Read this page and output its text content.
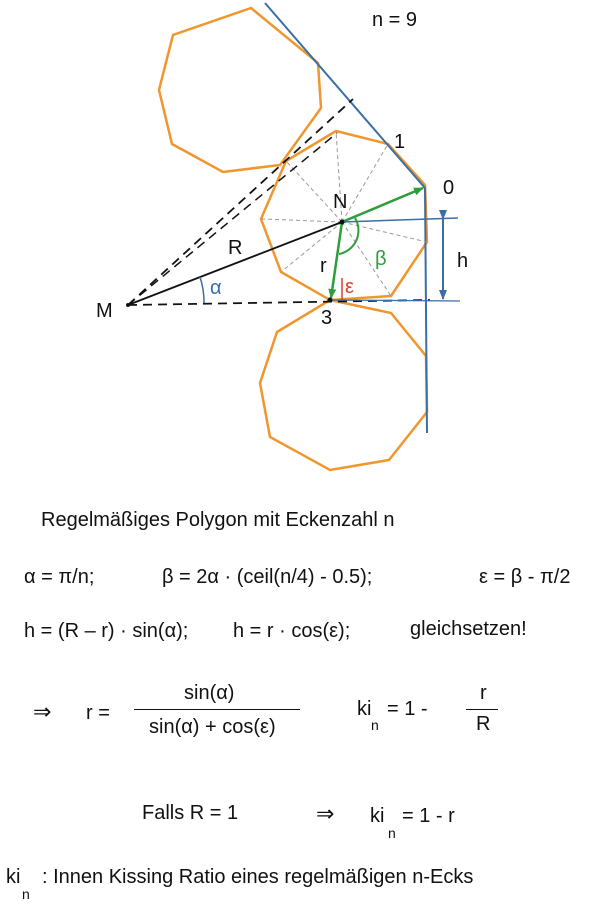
n = 9
1
0
3
N
M
R
r	h
β
ε
α
Regelmäßiges Polygon mit Eckenzahl n
α = π/n;	β = 2α · (ceil(n/4) - 0.5);	ε = β - π/2
h = (R – r) · sin(α); h = r · cos(ε);	gleichsetzen!
⇒ r =
sin(α)
sin(α) + cos(ε)
ki
n
= 1 -
r
R
Falls R = 1	⇒ ki
n
= 1 - r
ki
n
: Innen Kissing Ratio eines regelmäßigen n-Ecks
